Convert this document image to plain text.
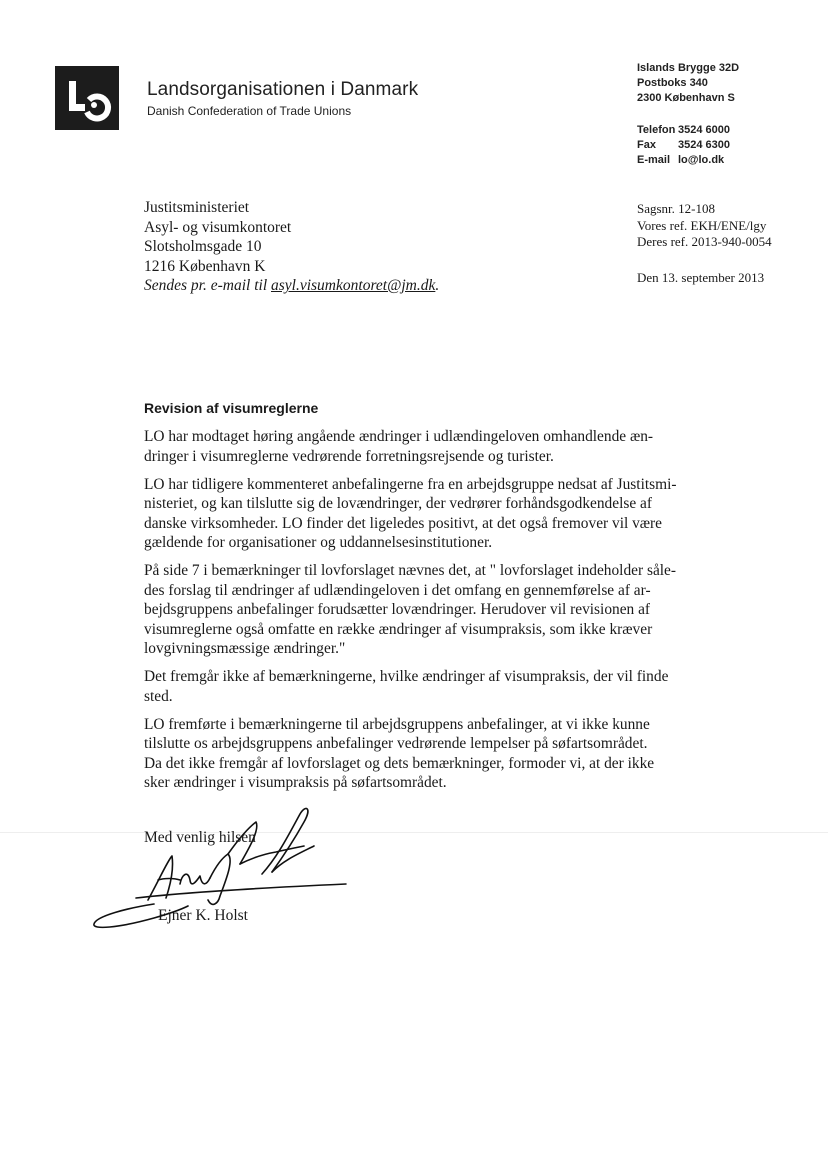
Landsorganisationen i Danmark
Danish Confederation of Trade Unions
Islands Brygge 32D
Postboks 340
2300 København S
Telefon 3524 6000
Fax	3524 6300
E-mail lo@lo.dk
Justitsministeriet
Asyl- og visumkontoret
Slotsholmsgade 10
1216 København K
Sendes pr. e-mail til asyl.visumkontoret@jm.dk.
Sagsnr. 12-108
Vores ref. EKH/ENE/lgy
Deres ref. 2013-940-0054
Den 13. september 2013
Revision af visumreglerne

LO har modtaget høring angående ændringer i udlændingeloven omhandlende æn-
dringer i visumreglerne vedrørende forretningsrejsende og turister.

LO har tidligere kommenteret anbefalingerne fra en arbejdsgruppe nedsat af Justitsmi-
nisteriet, og kan tilslutte sig de lovændringer, der vedrører forhåndsgodkendelse af
danske virksomheder. LO finder det ligeledes positivt, at det også fremover vil være
gældende for organisationer og uddannelsesinstitutioner.

På side 7 i bemærkninger til lovforslaget nævnes det, at " lovforslaget indeholder såle-
des forslag til ændringer af udlændingeloven i det omfang en gennemførelse af ar-
bejdsgruppens anbefalinger forudsætter lovændringer. Herudover vil revisionen af
visumreglerne også omfatte en række ændringer af visumpraksis, som ikke kræver
lovgivningsmæssige ændringer."

Det fremgår ikke af bemærkningerne, hvilke ændringer af visumpraksis, der vil finde
sted.

LO fremførte i bemærkningerne til arbejdsgruppens anbefalinger, at vi ikke kunne
tilslutte os arbejdsgruppens anbefalinger vedrørende lempelser på søfartsområdet.

Da det ikke fremgår af lovforslaget og dets bemærkninger, formoder vi, at der ikke
sker ændringer i visumpraksis på søfartsområdet.

Med venlig hilsen
Ejner K. Holst
